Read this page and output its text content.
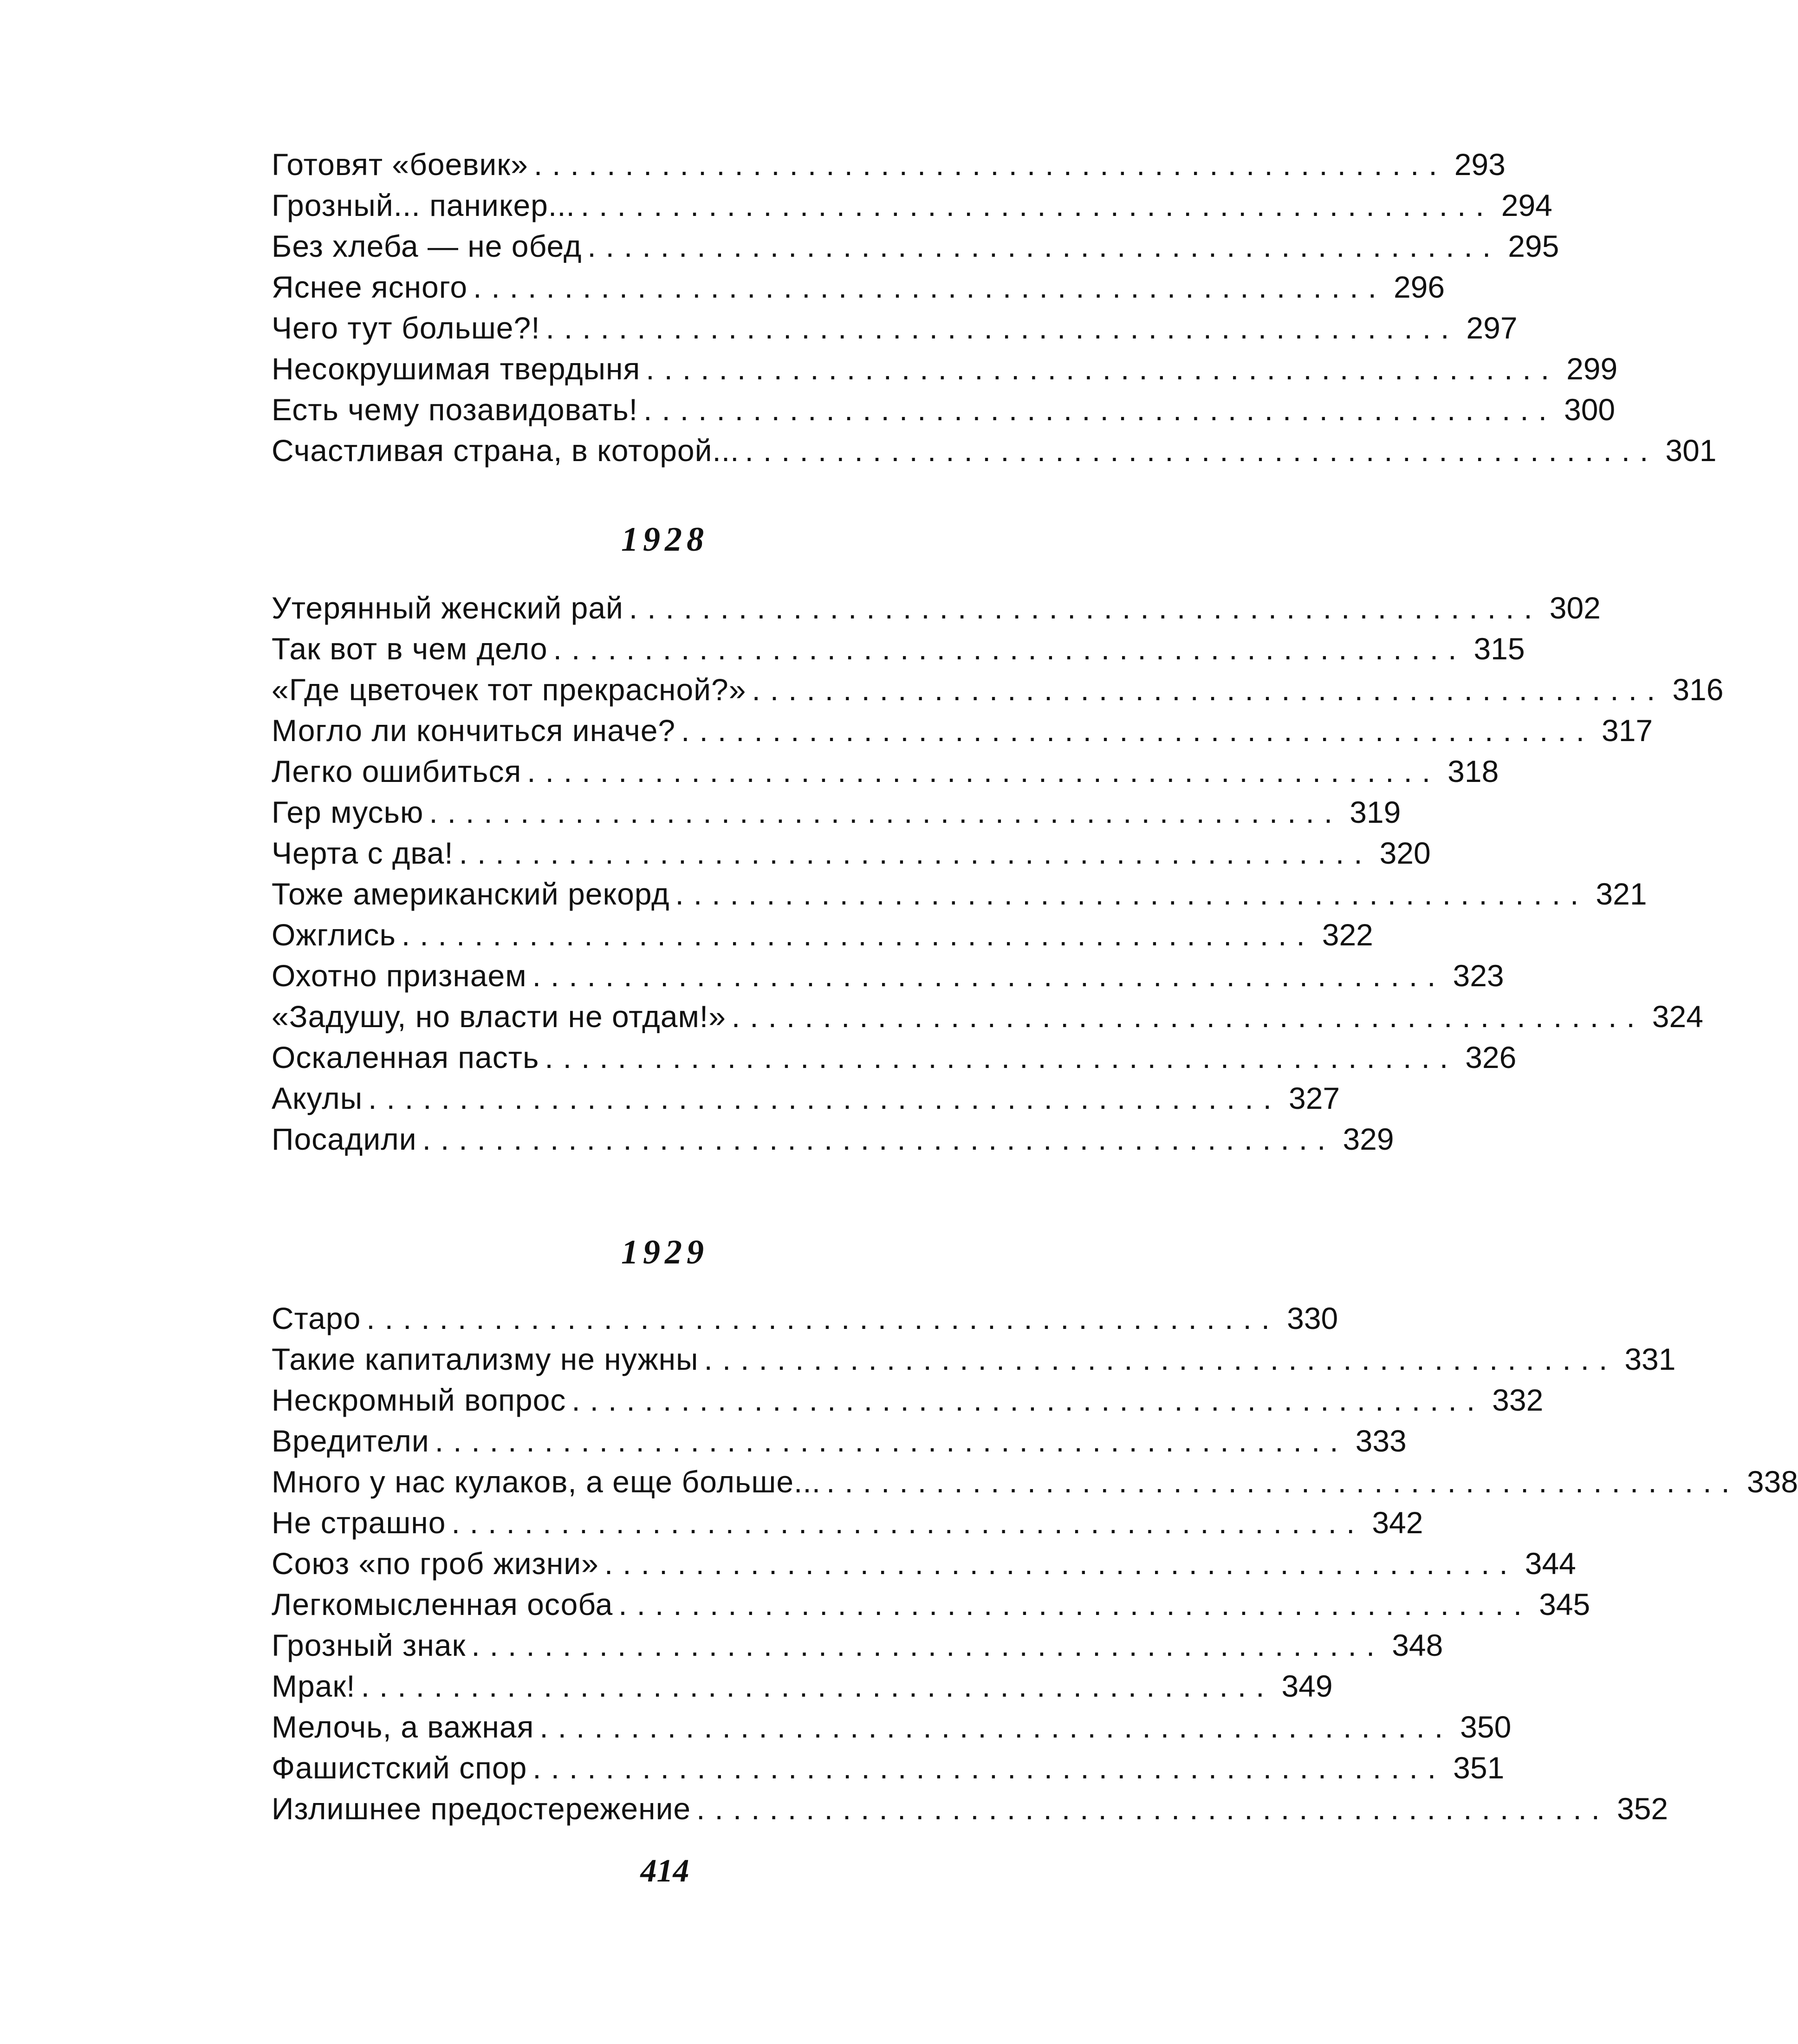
Готовят «боевик» .................................................. 293
Грозный... паникер... .................................................. 294
Без хлеба — не обед .................................................. 295
Яснее ясного .................................................. 296
Чего тут больше?! .................................................. 297
Несокрушимая твердыня .................................................. 299
Есть чему позавидовать! .................................................. 300
Счастливая страна, в которой... .................................................. 301
1928
Утерянный женский рай .................................................. 302
Так вот в чем дело .................................................. 315
«Где цветочек тот прекрасной?» .................................................. 316
Могло ли кончиться иначе? .................................................. 317
Легко ошибиться .................................................. 318
Гер мусью .................................................. 319
Черта с два! .................................................. 320
Тоже американский рекорд .................................................. 321
Ожглись .................................................. 322
Охотно признаем .................................................. 323
«Задушу, но власти не отдам!» .................................................. 324
Оскаленная пасть .................................................. 326
Акулы .................................................. 327
Посадили .................................................. 329
1929
Старо .................................................. 330
Такие капитализму не нужны .................................................. 331
Нескромный вопрос .................................................. 332
Вредители .................................................. 333
Много у нас кулаков, а еще больше... .................................................. 338
Не страшно .................................................. 342
Союз «по гроб жизни» .................................................. 344
Легкомысленная особа .................................................. 345
Грозный знак .................................................. 348
Мрак! .................................................. 349
Мелочь, а важная .................................................. 350
Фашистский спор .................................................. 351
Излишнее предостережение .................................................. 352
414
